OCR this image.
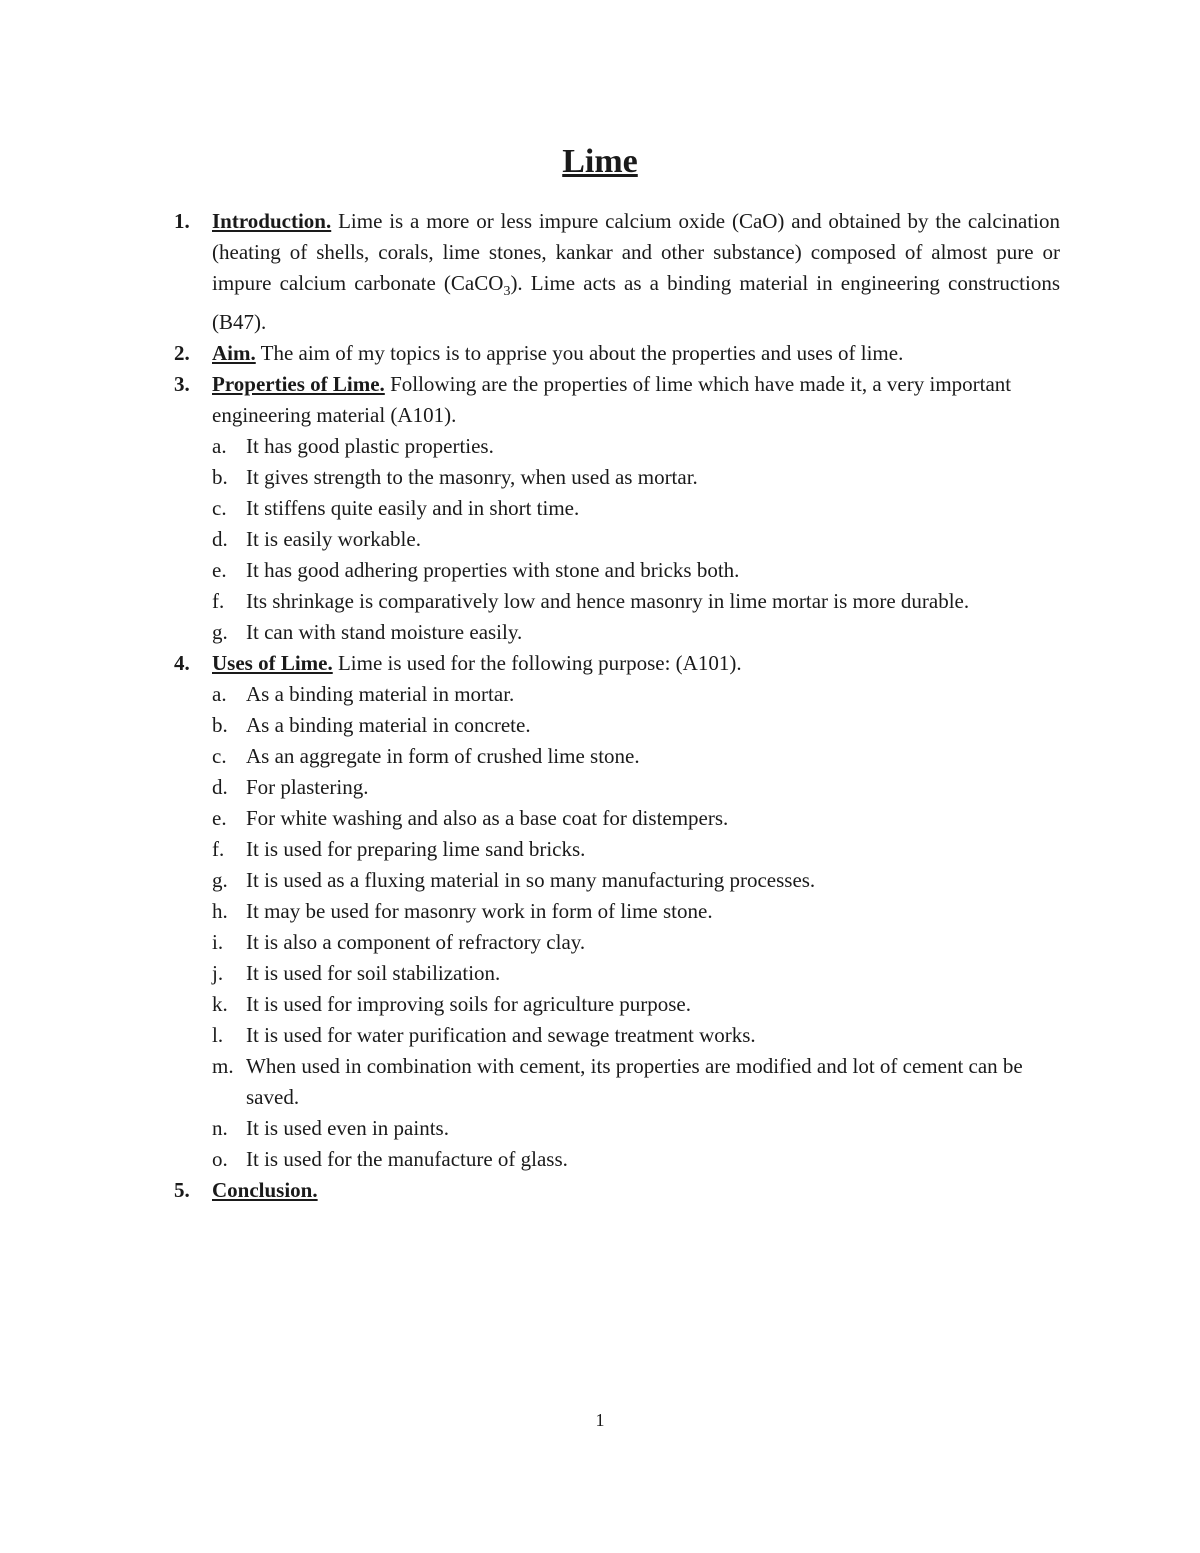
Lime
1. Introduction. Lime is a more or less impure calcium oxide (CaO) and obtained by the calcination (heating of shells, corals, lime stones, kankar and other substance) composed of almost pure or impure calcium carbonate (CaCO$_3$). Lime acts as a binding material in engineering constructions (B47).
2. Aim. The aim of my topics is to apprise you about the properties and uses of lime.
3. Properties of Lime. Following are the properties of lime which have made it, a very important engineering material (A101).
a. It has good plastic properties.
b. It gives strength to the masonry, when used as mortar.
c. It stiffens quite easily and in short time.
d. It is easily workable.
e. It has good adhering properties with stone and bricks both.
f. Its shrinkage is comparatively low and hence masonry in lime mortar is more durable.
g. It can with stand moisture easily.
4. Uses of Lime. Lime is used for the following purpose: (A101).
a. As a binding material in mortar.
b. As a binding material in concrete.
c. As an aggregate in form of crushed lime stone.
d. For plastering.
e. For white washing and also as a base coat for distempers.
f. It is used for preparing lime sand bricks.
g. It is used as a fluxing material in so many manufacturing processes.
h. It may be used for masonry work in form of lime stone.
i. It is also a component of refractory clay.
j. It is used for soil stabilization.
k. It is used for improving soils for agriculture purpose.
l. It is used for water purification and sewage treatment works.
m. When used in combination with cement, its properties are modified and lot of cement can be saved.
n. It is used even in paints.
o. It is used for the manufacture of glass.
5. Conclusion.
1
